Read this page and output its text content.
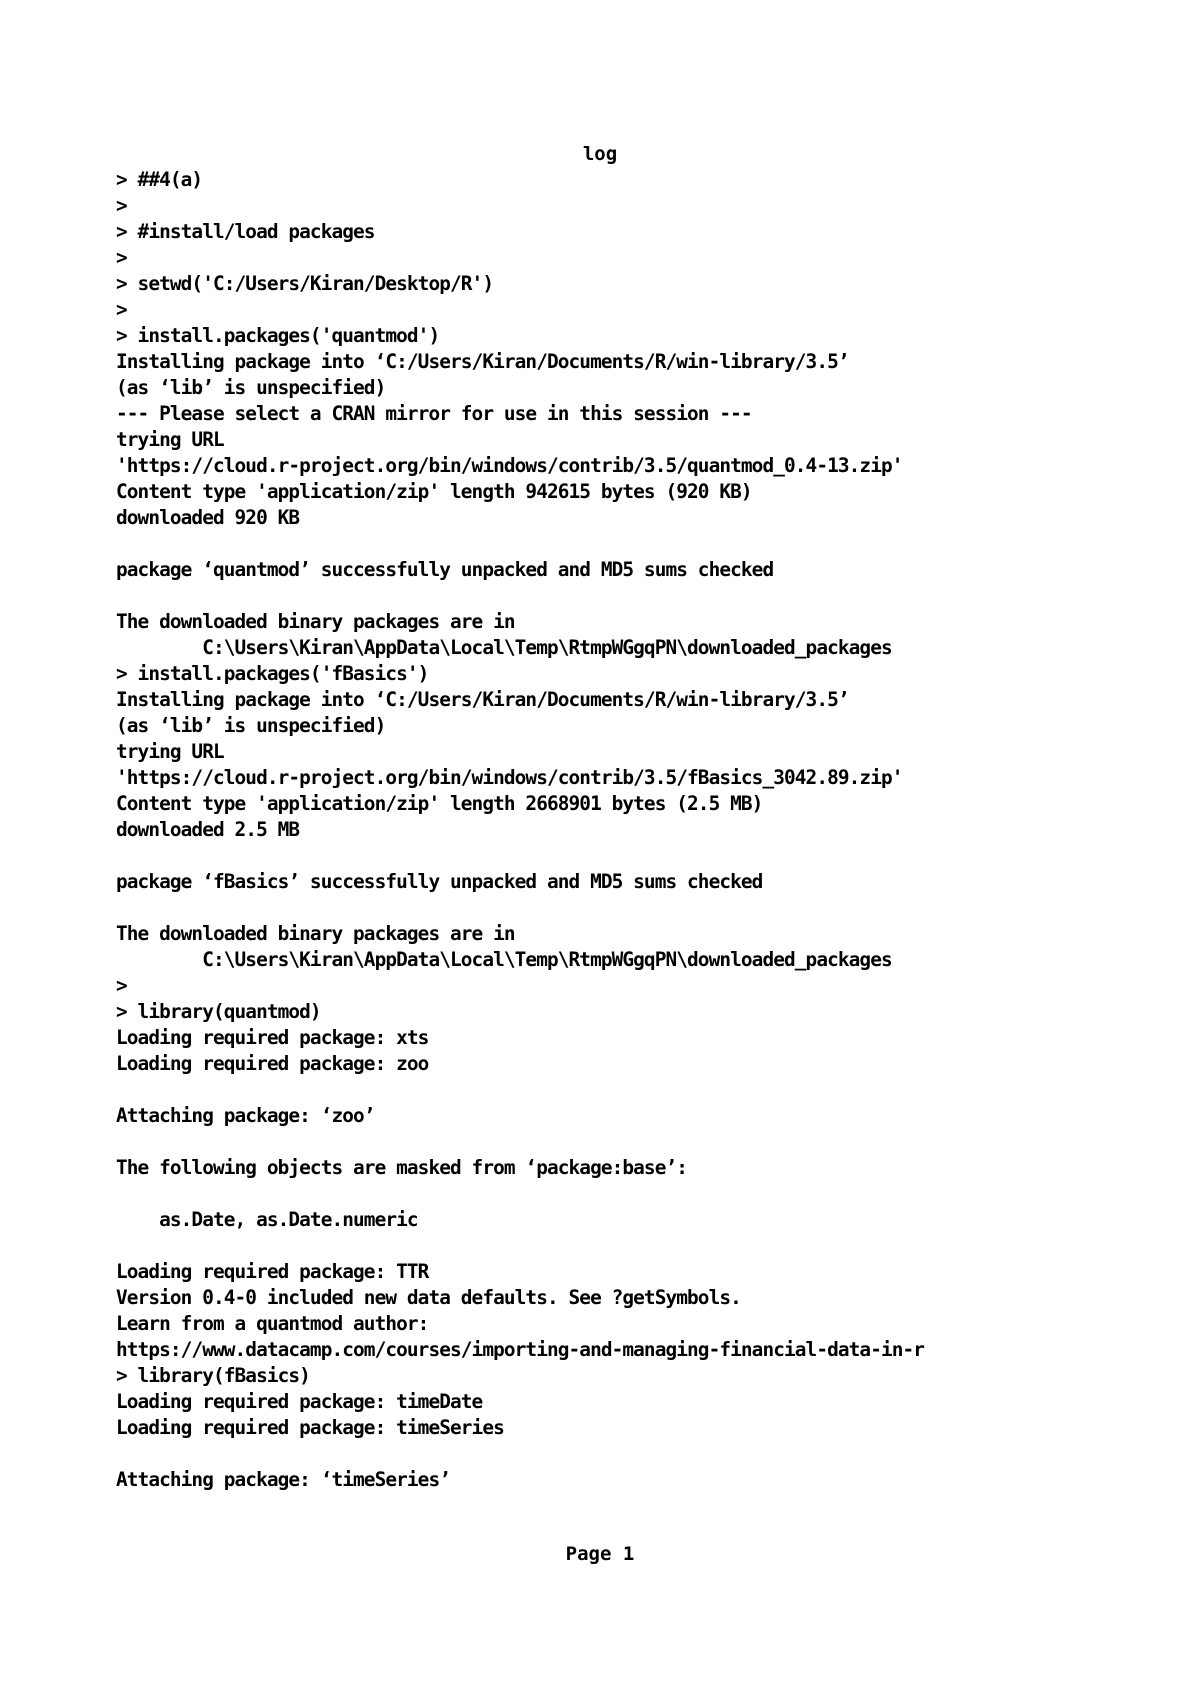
log
> ##4(a)
>
> #install/load packages
>
> setwd('C:/Users/Kiran/Desktop/R')
>
> install.packages('quantmod')
Installing package into ‘C:/Users/Kiran/Documents/R/win-library/3.5’
(as ‘lib’ is unspecified)
--- Please select a CRAN mirror for use in this session ---
trying URL
'https://cloud.r-project.org/bin/windows/contrib/3.5/quantmod_0.4-13.zip'
Content type 'application/zip' length 942615 bytes (920 KB)
downloaded 920 KB
package ‘quantmod’ successfully unpacked and MD5 sums checked
The downloaded binary packages are in
C:\Users\Kiran\AppData\Local\Temp\RtmpWGgqPN\downloaded_packages
> install.packages('fBasics')
Installing package into ‘C:/Users/Kiran/Documents/R/win-library/3.5’
(as ‘lib’ is unspecified)
trying URL
'https://cloud.r-project.org/bin/windows/contrib/3.5/fBasics_3042.89.zip'
Content type 'application/zip' length 2668901 bytes (2.5 MB)
downloaded 2.5 MB
package ‘fBasics’ successfully unpacked and MD5 sums checked
The downloaded binary packages are in
C:\Users\Kiran\AppData\Local\Temp\RtmpWGgqPN\downloaded_packages
>
> library(quantmod)
Loading required package: xts
Loading required package: zoo
Attaching package: ‘zoo’
The following objects are masked from ‘package:base’:
as.Date, as.Date.numeric
Loading required package: TTR
Version 0.4-0 included new data defaults. See ?getSymbols.
Learn from a quantmod author:
https://www.datacamp.com/courses/importing-and-managing-financial-data-in-r
> library(fBasics)
Loading required package: timeDate
Loading required package: timeSeries
Attaching package: ‘timeSeries’
Page 1
